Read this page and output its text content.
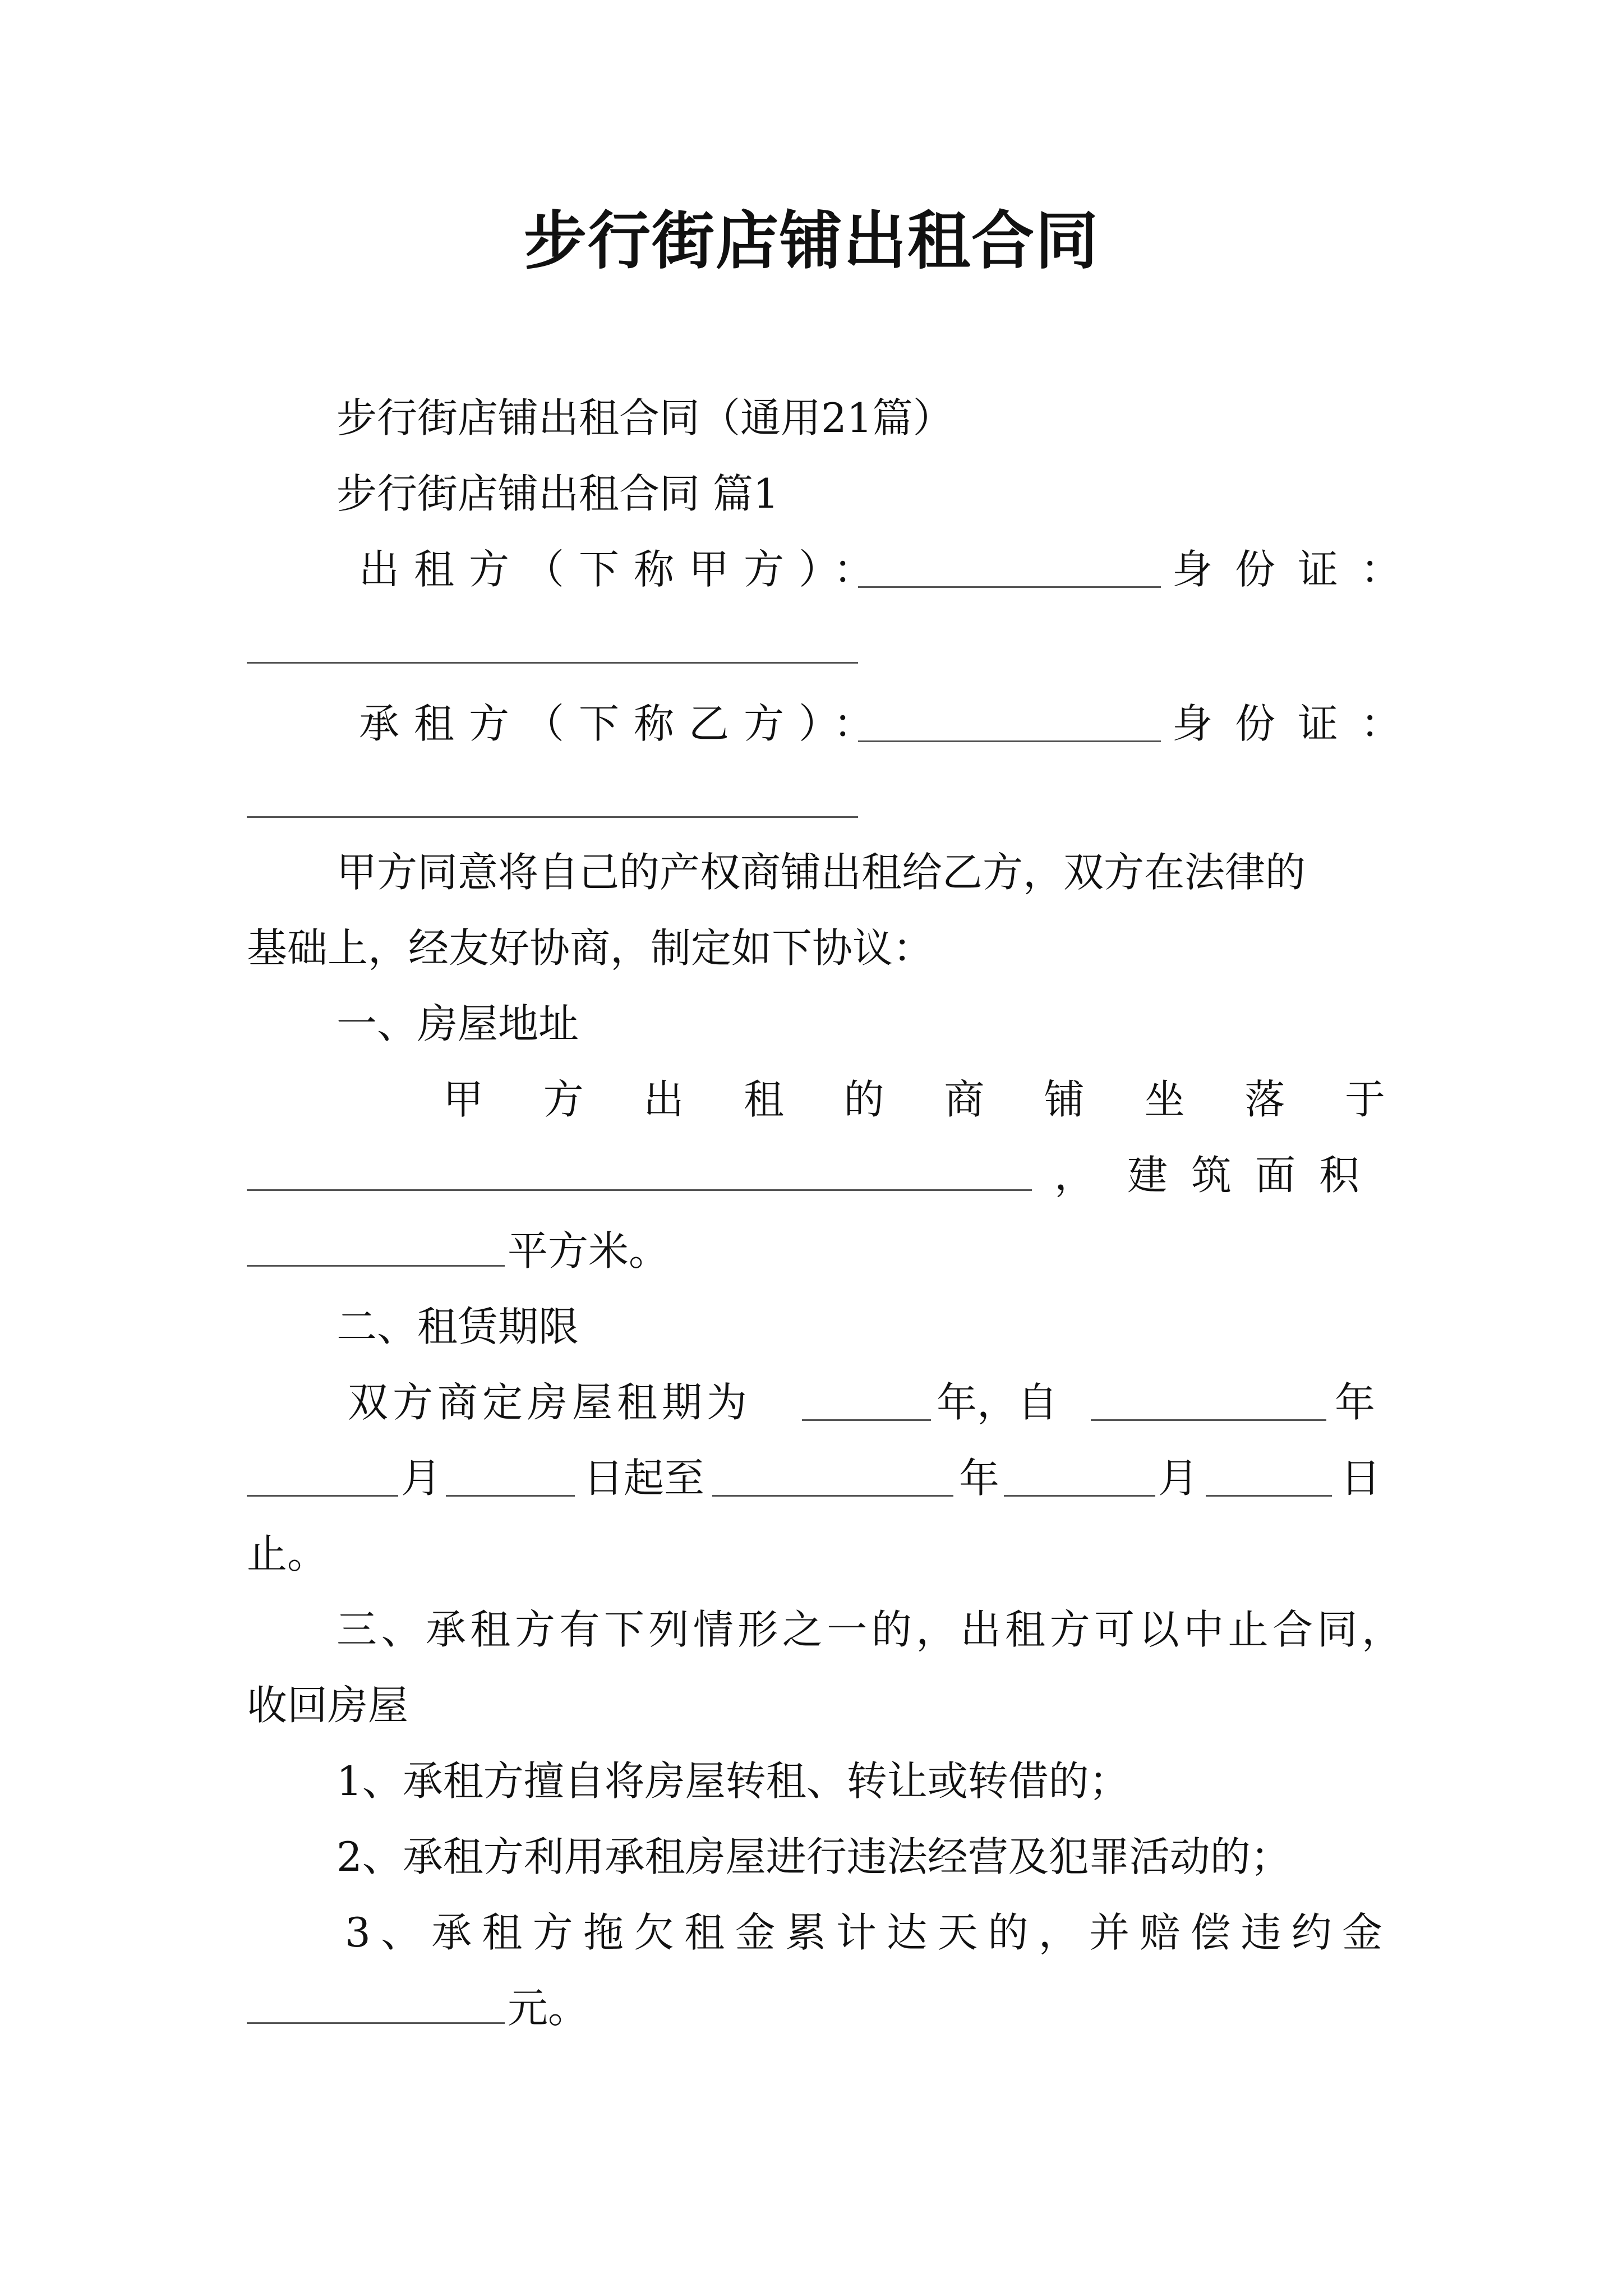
步行街店铺出租合同
步行街店铺出租合同（通用21篇）
步行街店铺出租合同 篇1
出租方（下称甲方）：	身份证：
承租方（下称乙方）：	身份证：
甲方同意将自己的产权商铺出租给乙方，双方在法律的
基础上，经友好协商，制定如下协议：
一、房屋地址
甲方出租的商铺坐落于
， 建筑面积
平方米。
二、租赁期限
双方商定房屋租期为	年，自	年
月	日起至	年	月	日
止。
三、承租方有下列情形之一的，出租方可以中止合同，
收回房屋
1、承租方擅自将房屋转租、转让或转借的；
2、承租方利用承租房屋进行违法经营及犯罪活动的；
3、承租方拖欠租金累计达天的，并赔偿违约金
元。
